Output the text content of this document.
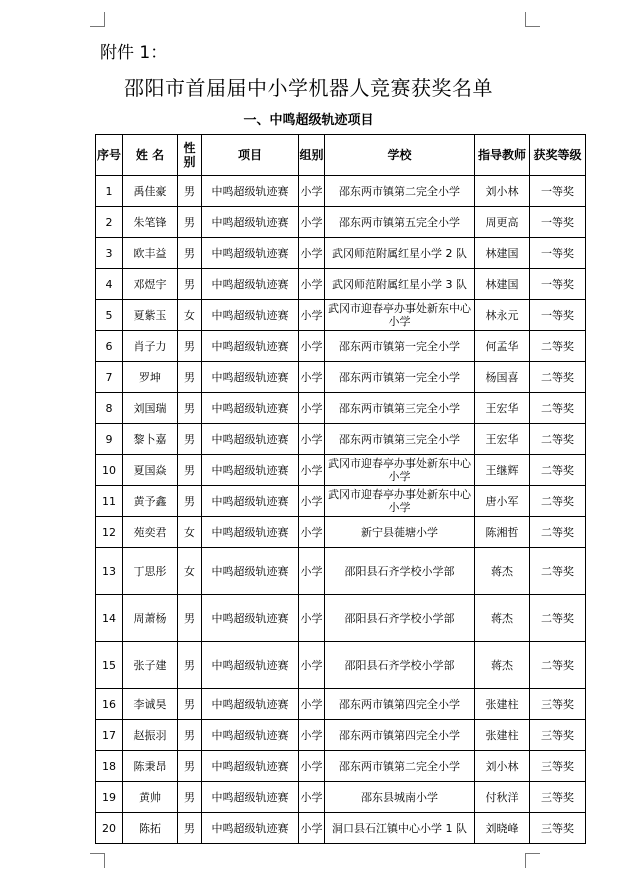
附件 1：
邵阳市首届届中小学机器人竞赛获奖名单
一、中鸣超级轨迹项目
序号	姓 名	性别	项目	组别	学校	指导教师	获奖等级
1	禹佳豪	男	中鸣超级轨迹赛	小学	邵东两市镇第二完全小学	刘小林	一等奖
2	朱笔锋	男	中鸣超级轨迹赛	小学	邵东两市镇第五完全小学	周更高	一等奖
3	欧丰益	男	中鸣超级轨迹赛	小学	武冈师范附属红星小学 2 队	林建国	一等奖
4	邓煜宇	男	中鸣超级轨迹赛	小学	武冈师范附属红星小学 3 队	林建国	一等奖
5	夏紫玉	女	中鸣超级轨迹赛	小学	武冈市迎春亭办事处新东中心小学	林永元	一等奖
6	肖子力	男	中鸣超级轨迹赛	小学	邵东两市镇第一完全小学	何孟华	二等奖
7	罗坤	男	中鸣超级轨迹赛	小学	邵东两市镇第一完全小学	杨国喜	二等奖
8	刘国瑞	男	中鸣超级轨迹赛	小学	邵东两市镇第三完全小学	王宏华	二等奖
9	黎卜嘉	男	中鸣超级轨迹赛	小学	邵东两市镇第三完全小学	王宏华	二等奖
10	夏国焱	男	中鸣超级轨迹赛	小学	武冈市迎春亭办事处新东中心小学	王继辉	二等奖
11	黄予鑫	男	中鸣超级轨迹赛	小学	武冈市迎春亭办事处新东中心小学	唐小军	二等奖
12	苑奕君	女	中鸣超级轨迹赛	小学	新宁县蓰塘小学	陈湘哲	二等奖
13	丁思彤	女	中鸣超级轨迹赛	小学	邵阳县石齐学校小学部	蒋杰	二等奖
14	周萧杨	男	中鸣超级轨迹赛	小学	邵阳县石齐学校小学部	蒋杰	二等奖
15	张子建	男	中鸣超级轨迹赛	小学	邵阳县石齐学校小学部	蒋杰	二等奖
16	李诚昊	男	中鸣超级轨迹赛	小学	邵东两市镇第四完全小学	张建柱	三等奖
17	赵振羽	男	中鸣超级轨迹赛	小学	邵东两市镇第四完全小学	张建柱	三等奖
18	陈秉昂	男	中鸣超级轨迹赛	小学	邵东两市镇第二完全小学	刘小林	三等奖
19	黄帅	男	中鸣超级轨迹赛	小学	邵东县城南小学	付秋洋	三等奖
20	陈拓	男	中鸣超级轨迹赛	小学	洞口县石江镇中心小学 1 队	刘晓峰	三等奖
